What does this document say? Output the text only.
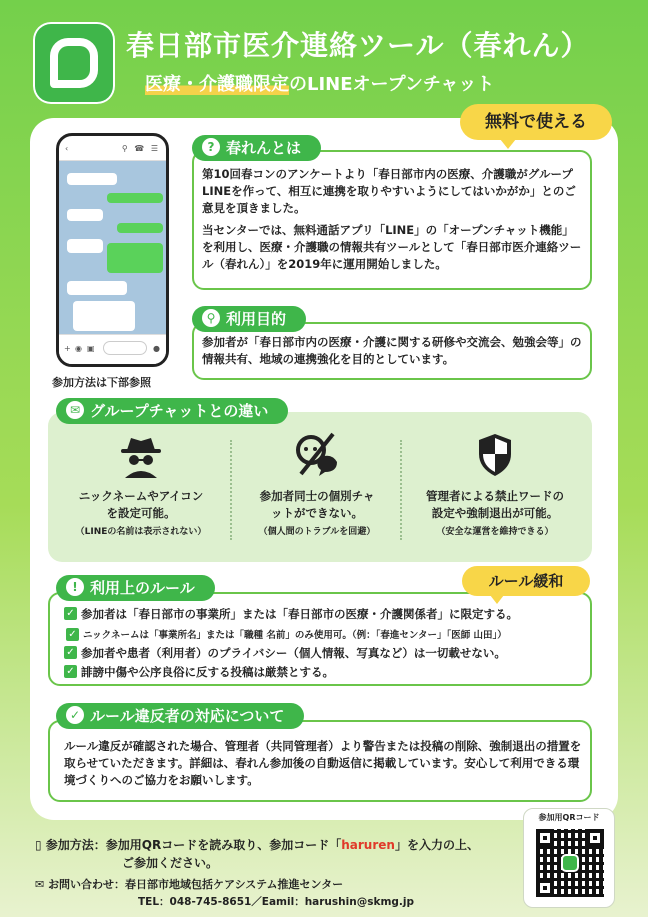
春日部市医介連絡ツール（春れん）
医療・介護職限定のLINEオープンチャット
無料で使える
‹	⚲ ☎ ☰
+ ◉ ▣	●
参加方法は下部参照
? 春れんとは
第10回春コンのアンケートより「春日部市内の医療、介護職がグループLINEを作って、相互に連携を取りやすいようにしてはいかがか」とのご意見を頂きました。
当センターでは、無料通話アプリ「LINE」の「オープンチャット機能」を利用し、医療・介護職の情報共有ツールとして「春日部市医介連絡ツール（春れん）」を2019年に運用開始しました。
⚲ 利用目的
参加者が「春日部市内の医療・介護に関する研修や交流会、勉強会等」の情報共有、地域の連携強化を目的としています。
✉ グループチャットとの違い
ニックネームやアイコン
を設定可能。
（LINEの名前は表示されない）
参加者同士の個別チャ
ットができない。
（個人間のトラブルを回避）
管理者による禁止ワードの
設定や強制退出が可能。
（安全な運営を維持できる）
! 利用上のルール	ルール緩和
✓ 参加者は「春日部市の事業所」または「春日部市の医療・介護関係者」に限定する。
✓ ニックネームは「事業所名」または「職種 名前」のみ使用可。（例：「春進センター」「医師 山田」）
✓ 参加者や患者（利用者）のプライバシー（個人情報、写真など）は一切載せない。
✓ 誹謗中傷や公序良俗に反する投稿は厳禁とする。
✓ ルール違反者の対応について
ルール違反が確認された場合、管理者（共同管理者）より警告または投稿の削除、強制退出の措置を取らせていただきます。詳細は、春れん参加後の自動返信に掲載しています。安心して利用できる環境づくりへのご協力をお願いします。
▯ 参加方法：参加用QRコードを読み取り、参加コード「haruren」を入力の上、
ご参加ください。
✉ お問い合わせ：春日部市地域包括ケアシステム推進センター
TEL：048-745-8651／Eamil：harushin@skmg.jp
参加用QRコード
